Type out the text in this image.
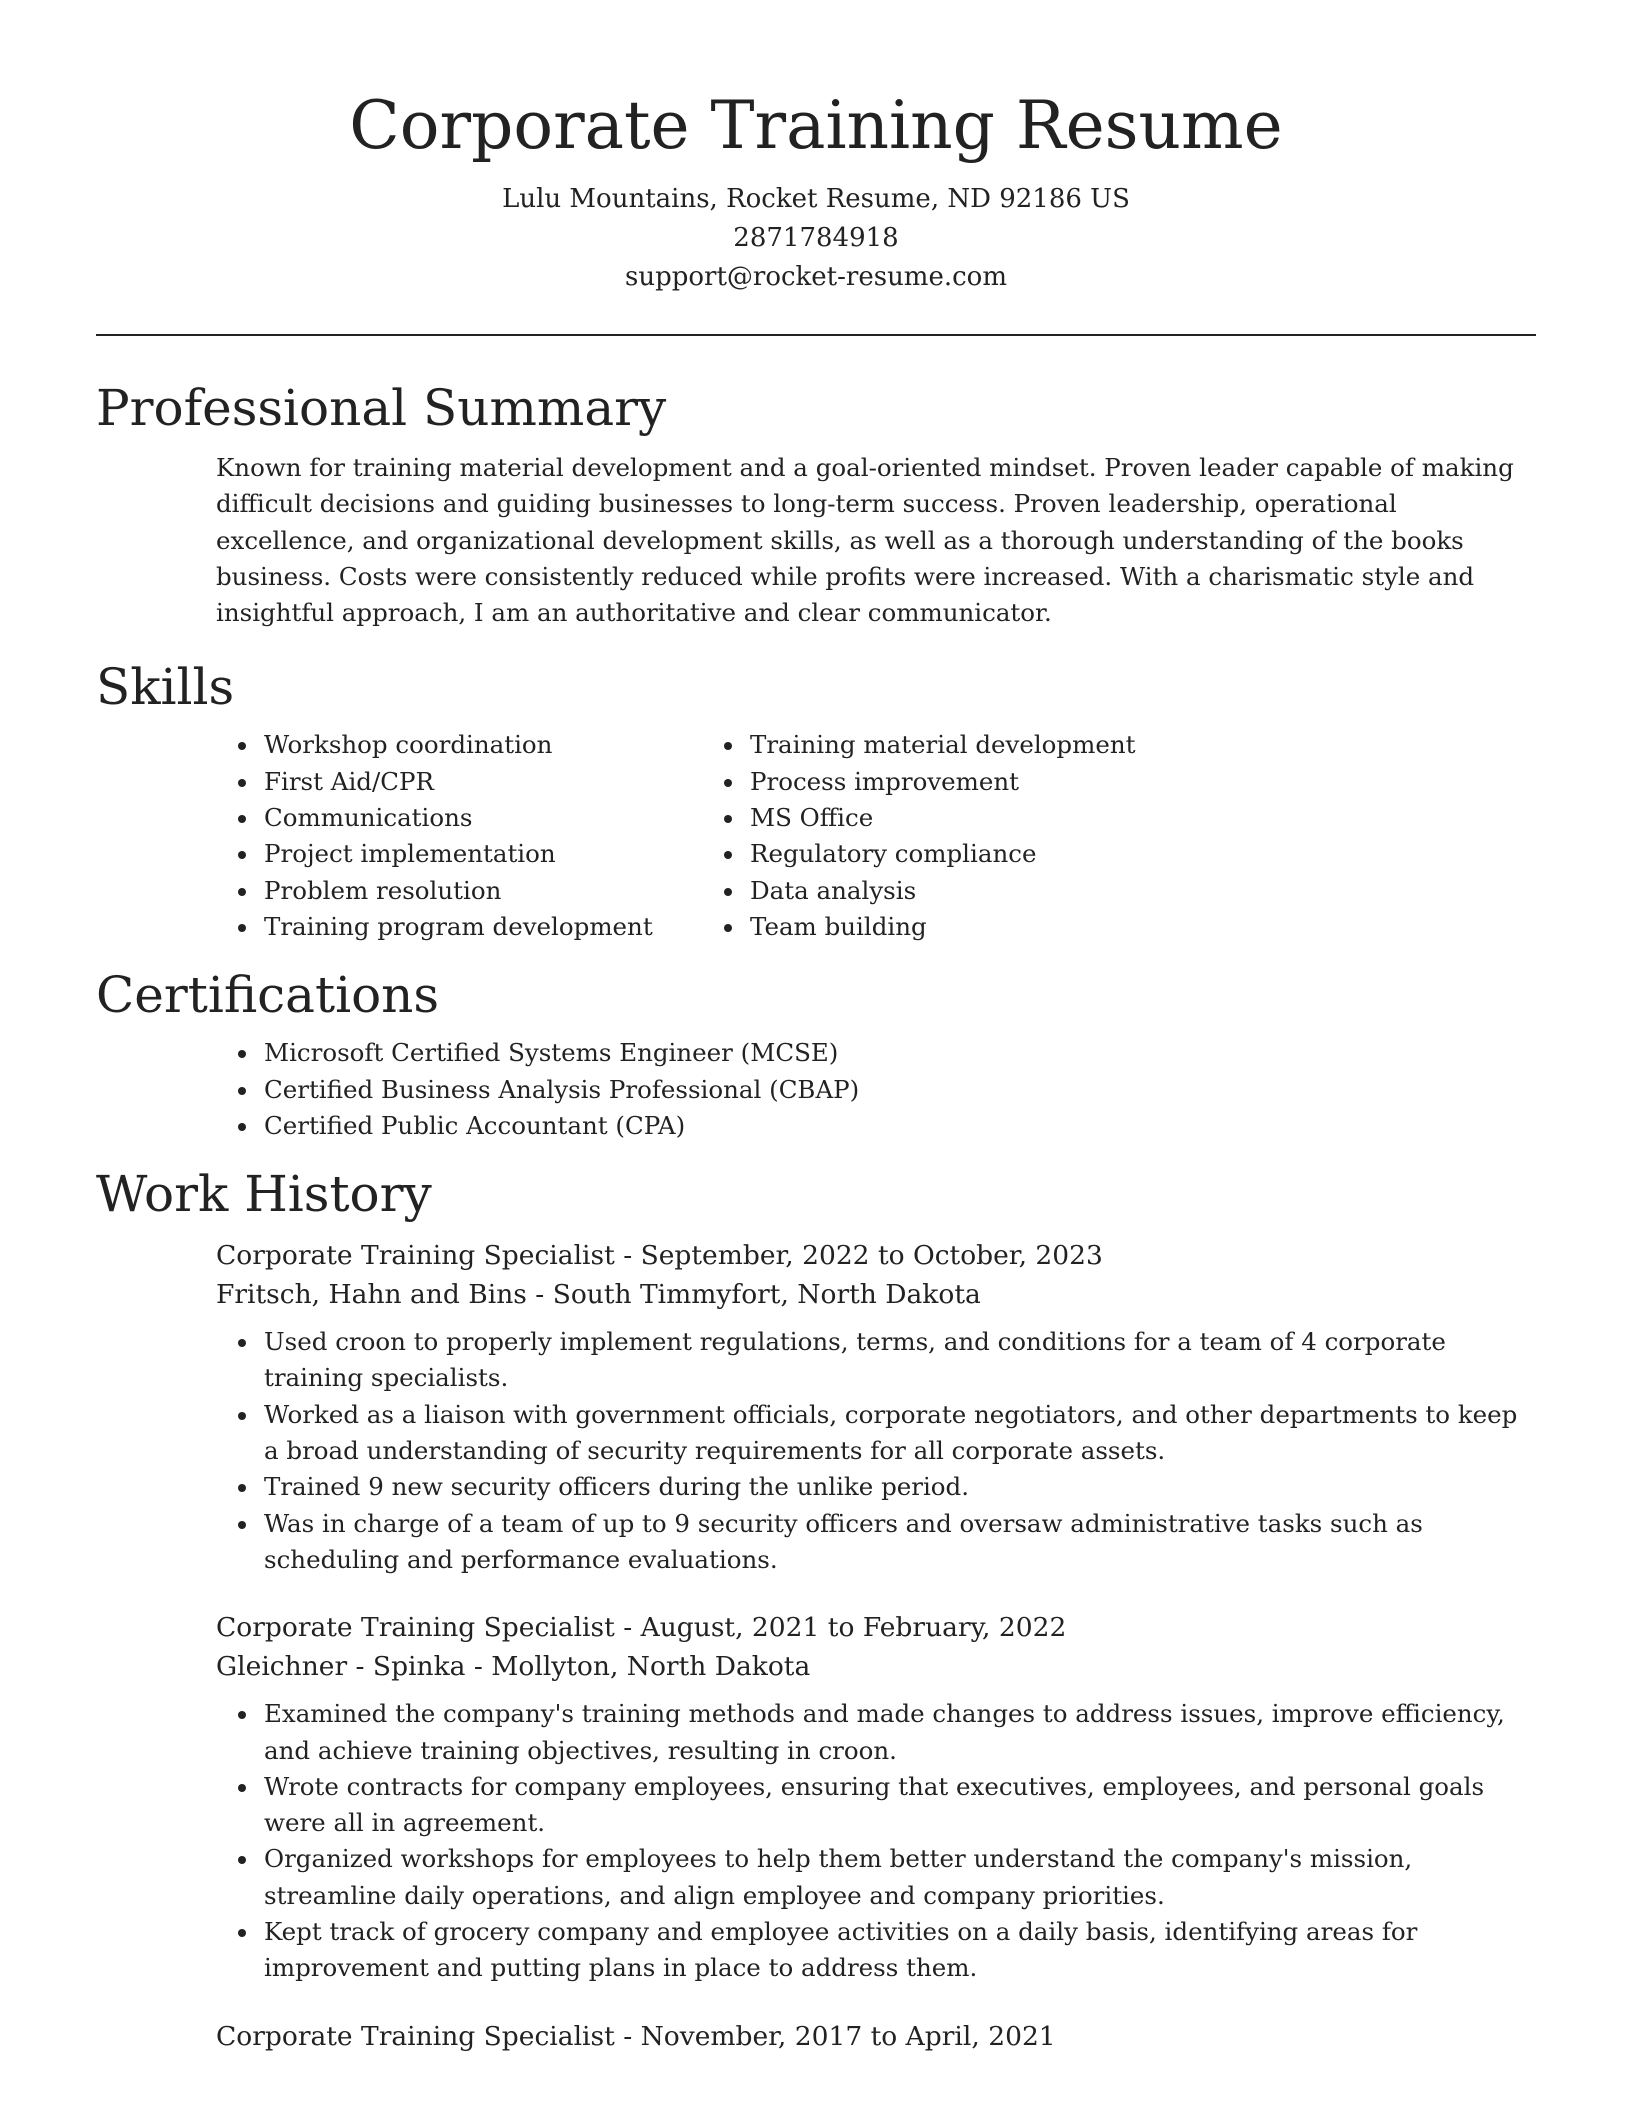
Corporate Training Resume

Lulu Mountains, Rocket Resume, ND 92186 US

2871784918

support@rocket-resume.com

Professional Summary

Known for training material development and a goal-oriented mindset. Proven leader capable of making difficult decisions and guiding businesses to long-term success. Proven leadership, operational excellence, and organizational development skills, as well as a thorough understanding of the books business. Costs were consistently reduced while profits were increased. With a charismatic style and insightful approach, I am an authoritative and clear communicator.

Skills
• Workshop coordination
• First Aid/CPR
• Communications
• Project implementation
• Problem resolution
• Training program development
• Training material development
• Process improvement
• MS Office
• Regulatory compliance
• Data analysis
• Team building
Certifications
• Microsoft Certified Systems Engineer (MCSE)
• Certified Business Analysis Professional (CBAP)
• Certified Public Accountant (CPA)
Work History

Corporate Training Specialist - September, 2022 to October, 2023

Fritsch, Hahn and Bins - South Timmyfort, North Dakota

• Used croon to properly implement regulations, terms, and conditions for a team of 4 corporate training specialists.
• Worked as a liaison with government officials, corporate negotiators, and other departments to keep a broad understanding of security requirements for all corporate assets.
• Trained 9 new security officers during the unlike period.
• Was in charge of a team of up to 9 security officers and oversaw administrative tasks such as scheduling and performance evaluations.

Corporate Training Specialist - August, 2021 to February, 2022

Gleichner - Spinka - Mollyton, North Dakota

• Examined the company's training methods and made changes to address issues, improve efficiency, and achieve training objectives, resulting in croon.
• Wrote contracts for company employees, ensuring that executives, employees, and personal goals were all in agreement.
• Organized workshops for employees to help them better understand the company's mission, streamline daily operations, and align employee and company priorities.
• Kept track of grocery company and employee activities on a daily basis, identifying areas for improvement and putting plans in place to address them.

Corporate Training Specialist - November, 2017 to April, 2021
